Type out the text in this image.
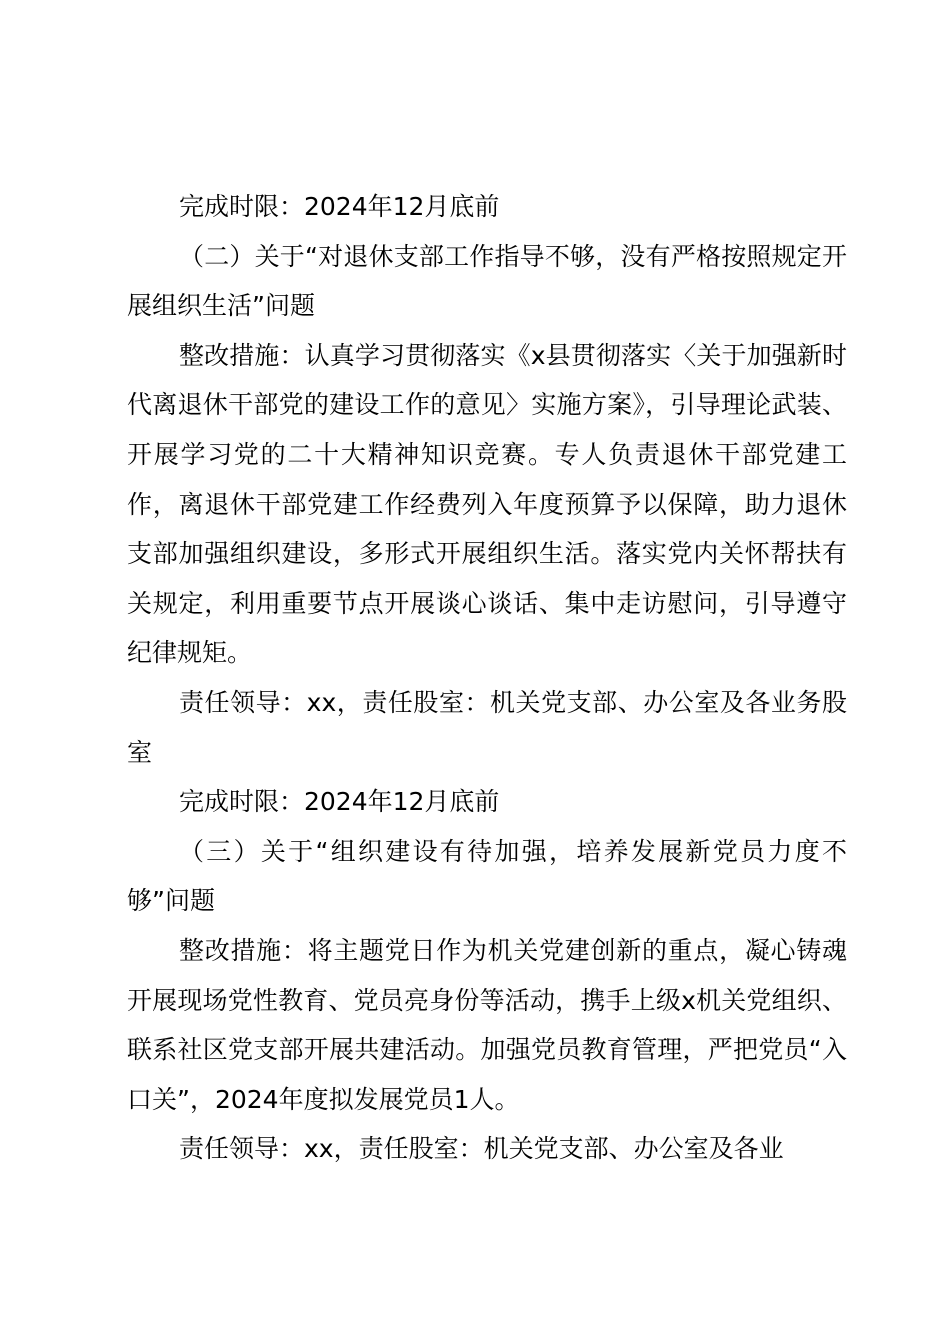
完成时限：2024年12月底前

（二）关于“对退休支部工作指导不够，没有严格按照规定开展组织生活”问题

整改措施：认真学习贯彻落实《x县贯彻落实〈关于加强新时代离退休干部党的建设工作的意见〉实施方案》，引导理论武装、开展学习党的二十大精神知识竞赛。专人负责退休干部党建工作，离退休干部党建工作经费列入年度预算予以保障，助力退休支部加强组织建设，多形式开展组织生活。落实党内关怀帮扶有关规定，利用重要节点开展谈心谈话、集中走访慰问，引导遵守纪律规矩。

责任领导：xx，责任股室：机关党支部、办公室及各业务股室

完成时限：2024年12月底前

（三）关于“组织建设有待加强，培养发展新党员力度不够”问题

整改措施：将主题党日作为机关党建创新的重点，凝心铸魂开展现场党性教育、党员亮身份等活动，携手上级x机关党组织、联系社区党支部开展共建活动。加强党员教育管理，严把党员“入口关”，2024年度拟发展党员1人。

责任领导：xx，责任股室：机关党支部、办公室及各业
